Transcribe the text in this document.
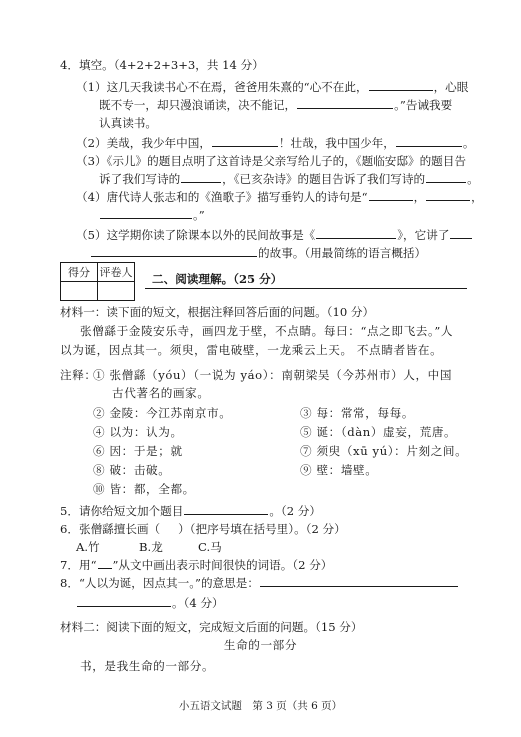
4．填空。（4+2+2+3+3，共 14 分）
（1）这几天我读书心不在焉，爸爸用朱熹的“心不在此，	，心眼
既不专一，却只漫浪诵读，决不能记，	。”告诫我要
认真读书。
（2）美哉，我少年中国，	！壮哉，我中国少年，	。
（3）《示儿》的题目点明了这首诗是父亲写给儿子的，《题临安邸》的题目告
诉了我们写诗的	，《已亥杂诗》的题目告诉了我们写诗的	。
（4）唐代诗人张志和的《渔歌子》描写垂钓人的诗句是“	，	，
。”
（5）这学期你读了除课本以外的民间故事是《	》，它讲了
的故事。（用最简练的语言概括）
得分	评卷人
	二、阅读理解。（25 分）
材料一：读下面的短文，根据注释回答后面的问题。（10 分）
张僧繇于金陵安乐寺，画四龙于壁，不点睛。每曰：“点之即飞去。”人
以为诞，因点其一。须臾，雷电破壁，一龙乘云上天。 不点睛者皆在。
注释：
① 张僧繇（yóu）（一说为 yáo）：南朝梁吴（今苏州市）人，中国
古代著名的画家。
② 金陵：今江苏南京市。	③ 每：常常，每每。
④ 以为：认为。	⑤ 诞：（dàn）虚妄，荒唐。
⑥ 因：于是；就	⑦ 须臾（xū yú）：片刻之间。
⑧ 破：击破。	⑨ 壁：墙壁。
⑩ 皆：都，全都。
5．请你给短文加个题目	。（2 分）
6．张僧繇擅长画（ ）（把序号填在括号里）。（2 分）
A.竹	B.龙	C.马
7．用“ ”从文中画出表示时间很快的词语。（2 分）
8．“人以为诞，因点其一。”的意思是：
。（4 分）
材料二：阅读下面的短文，完成短文后面的问题。（15 分）
生命的一部分
书，是我生命的一部分。
小五语文试题　第 3 页（共 6 页）
